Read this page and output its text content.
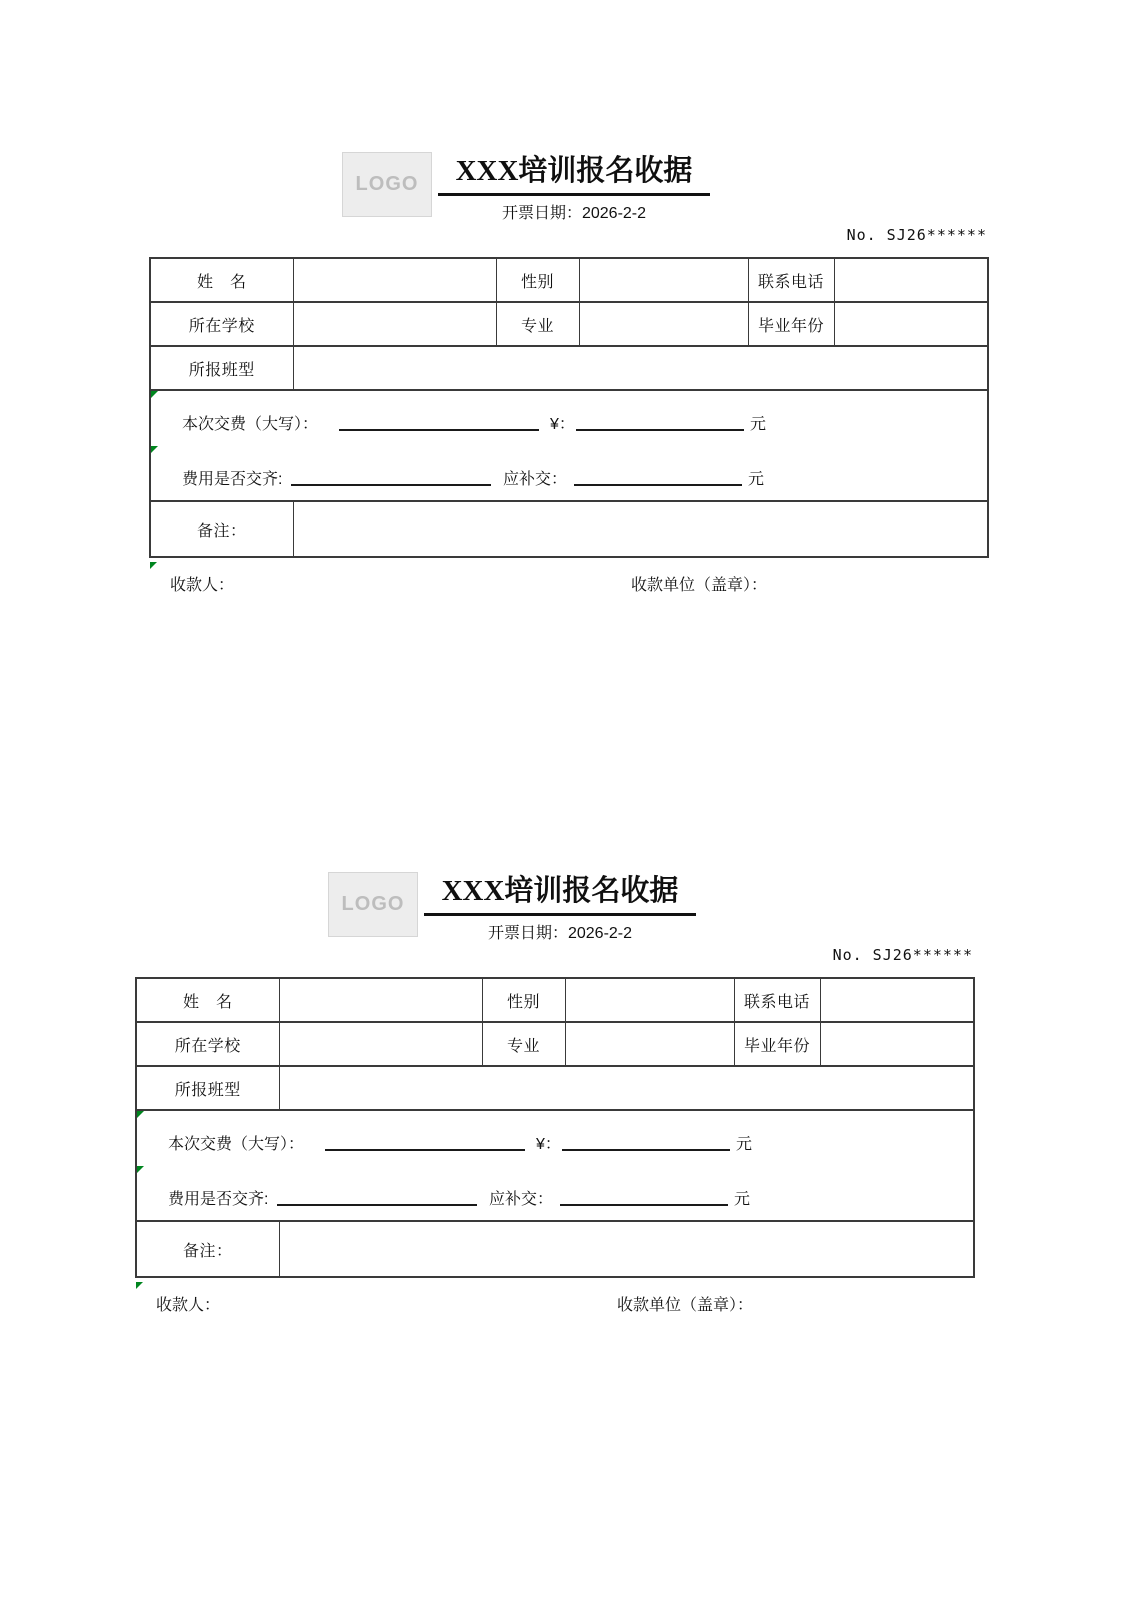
LOGO	XXX培训报名收据
开票日期：2026-2-2
No. SJ26******
姓　名		性别		联系电话	
所在学校		专业		毕业年份	
所报班型					

本次交费（大写）：	¥：	元
费用是否交齐:	应补交：	元

备注：					
收款人：	收款单位（盖章）：
LOGO	XXX培训报名收据
开票日期：2026-2-2
No. SJ26******
姓　名		性别		联系电话	
所在学校		专业		毕业年份	
所报班型					

本次交费（大写）：	¥：	元
费用是否交齐:	应补交：	元

备注：					
收款人：	收款单位（盖章）：
